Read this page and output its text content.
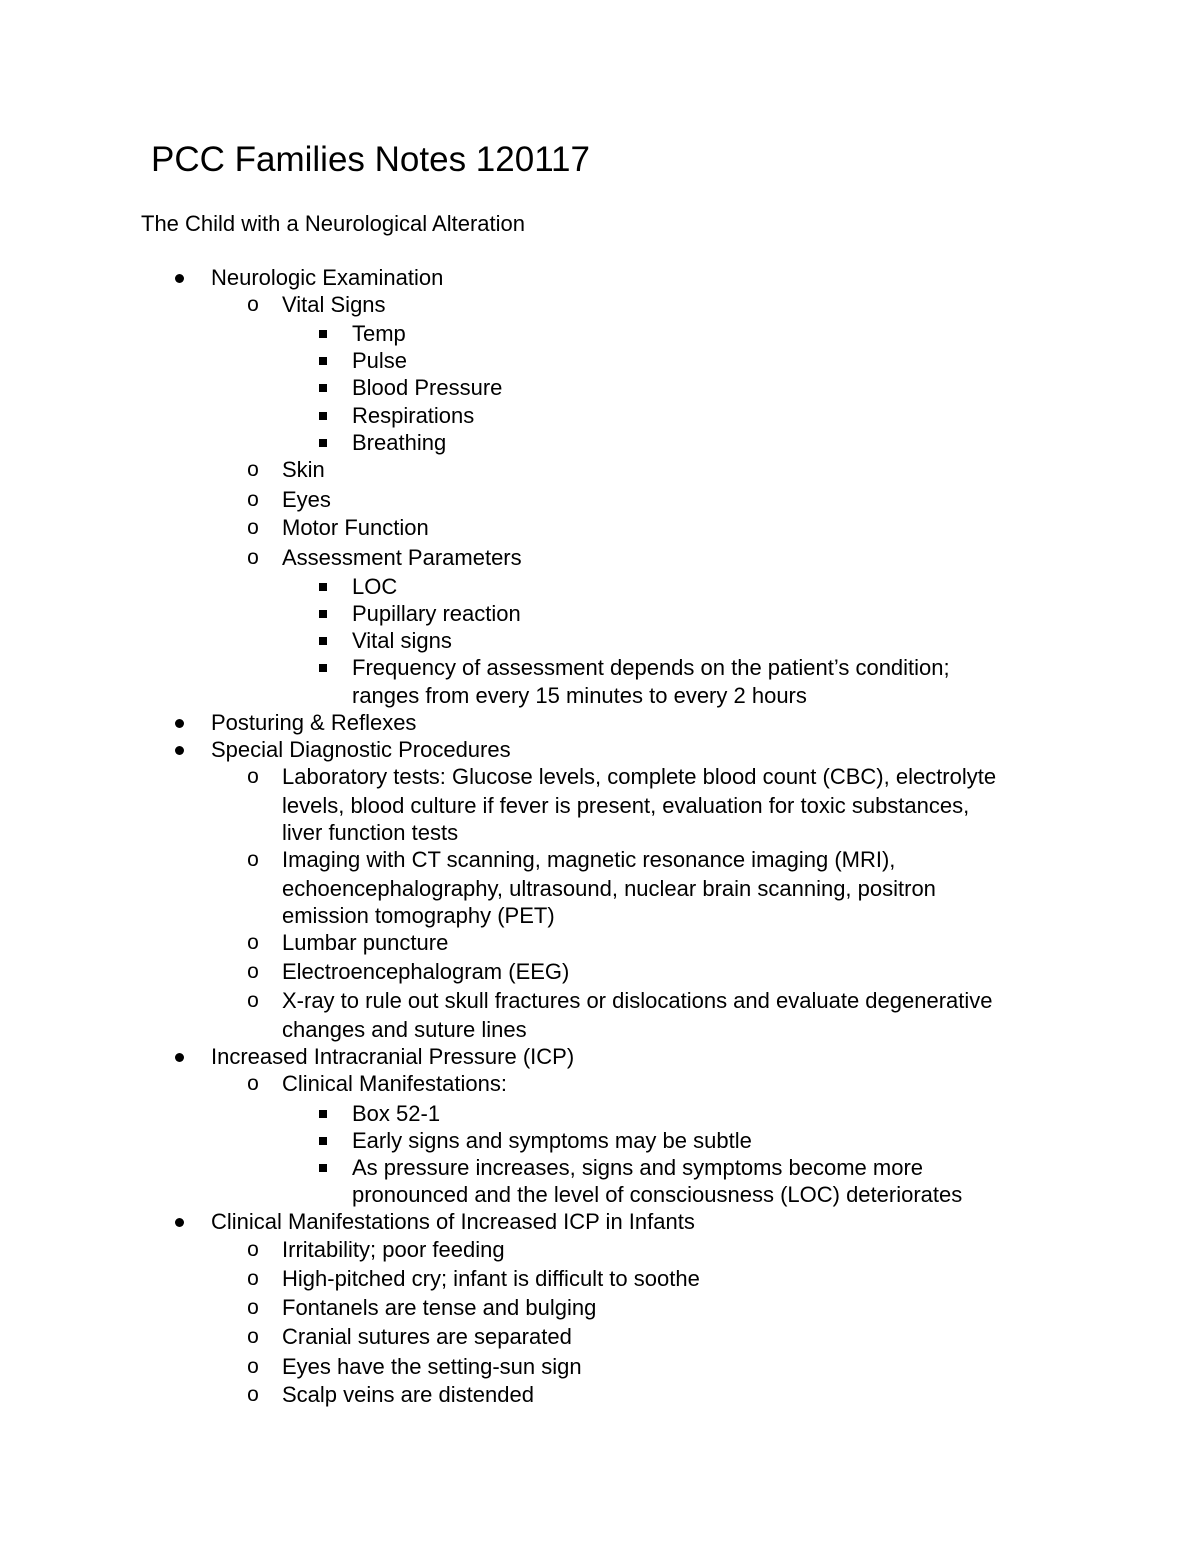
PCC Families Notes 120117
The Child with a Neurological Alteration
Neurologic Examination
o Vital Signs
Temp
Pulse
Blood Pressure
Respirations
Breathing
o Skin
o Eyes
o Motor Function
o Assessment Parameters
LOC
Pupillary reaction
Vital signs
Frequency of assessment depends on the patient’s condition;
ranges from every 15 minutes to every 2 hours
Posturing & Reflexes
Special Diagnostic Procedures
o Laboratory tests: Glucose levels, complete blood count (CBC), electrolyte
levels, blood culture if fever is present, evaluation for toxic substances,
liver function tests
o Imaging with CT scanning, magnetic resonance imaging (MRI),
echoencephalography, ultrasound, nuclear brain scanning, positron
emission tomography (PET)
o Lumbar puncture
o Electroencephalogram (EEG)
o X-ray to rule out skull fractures or dislocations and evaluate degenerative
changes and suture lines
Increased Intracranial Pressure (ICP)
o Clinical Manifestations:
Box 52-1
Early signs and symptoms may be subtle
As pressure increases, signs and symptoms become more
pronounced and the level of consciousness (LOC) deteriorates
Clinical Manifestations of Increased ICP in Infants
o Irritability; poor feeding
o High-pitched cry; infant is difficult to soothe
o Fontanels are tense and bulging
o Cranial sutures are separated
o Eyes have the setting-sun sign
o Scalp veins are distended
